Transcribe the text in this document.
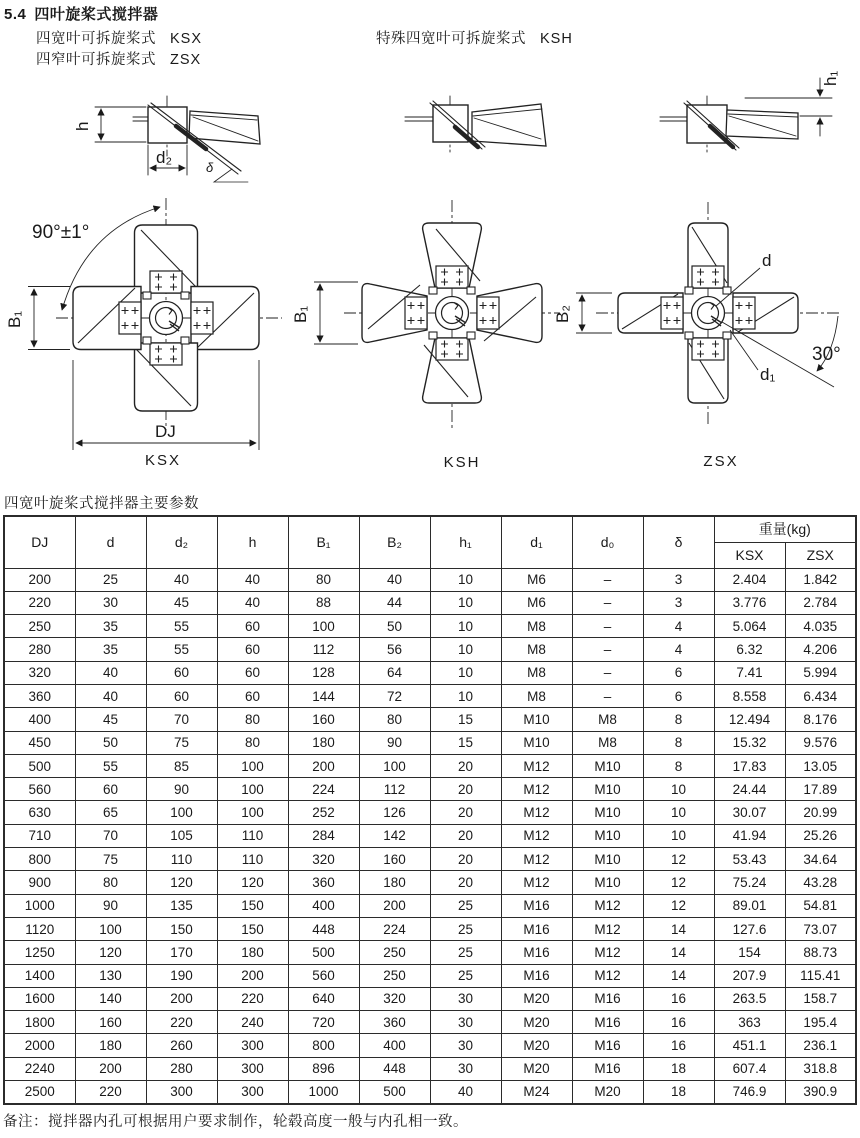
5.4 四叶旋桨式搅拌器
四宽叶可拆旋桨式 KSX
四窄叶可拆旋桨式 ZSX
特殊四宽叶可拆旋桨式 KSH
h
d₂
δ
h₁
90°±1°
B₁
DJ
KSX
B₁
KSH
B₂
d
d₁
30°
ZSX
四宽叶旋桨式搅拌器主要参数
DJ	d	d₂	h	B₁	B₂	h₁	d₁	d₀	δ	重量(kg)	
										KSX	ZSX
200	25	40	40	80	40	10	M6	–	3	2.404	1.842
220	30	45	40	88	44	10	M6	–	3	3.776	2.784
250	35	55	60	100	50	10	M8	–	4	5.064	4.035
280	35	55	60	112	56	10	M8	–	4	6.32	4.206
320	40	60	60	128	64	10	M8	–	6	7.41	5.994
360	40	60	60	144	72	10	M8	–	6	8.558	6.434
400	45	70	80	160	80	15	M10	M8	8	12.494	8.176
450	50	75	80	180	90	15	M10	M8	8	15.32	9.576
500	55	85	100	200	100	20	M12	M10	8	17.83	13.05
560	60	90	100	224	112	20	M12	M10	10	24.44	17.89
630	65	100	100	252	126	20	M12	M10	10	30.07	20.99
710	70	105	110	284	142	20	M12	M10	10	41.94	25.26
800	75	110	110	320	160	20	M12	M10	12	53.43	34.64
900	80	120	120	360	180	20	M12	M10	12	75.24	43.28
1000	90	135	150	400	200	25	M16	M12	12	89.01	54.81
1120	100	150	150	448	224	25	M16	M12	14	127.6	73.07
1250	120	170	180	500	250	25	M16	M12	14	154	88.73
1400	130	190	200	560	250	25	M16	M12	14	207.9	115.41
1600	140	200	220	640	320	30	M20	M16	16	263.5	158.7
1800	160	220	240	720	360	30	M20	M16	16	363	195.4
2000	180	260	300	800	400	30	M20	M16	16	451.1	236.1
2240	200	280	300	896	448	30	M20	M16	18	607.4	318.8
2500	220	300	300	1000	500	40	M24	M20	18	746.9	390.9
备注：搅拌器内孔可根据用户要求制作，轮毂高度一般与内孔相一致。
